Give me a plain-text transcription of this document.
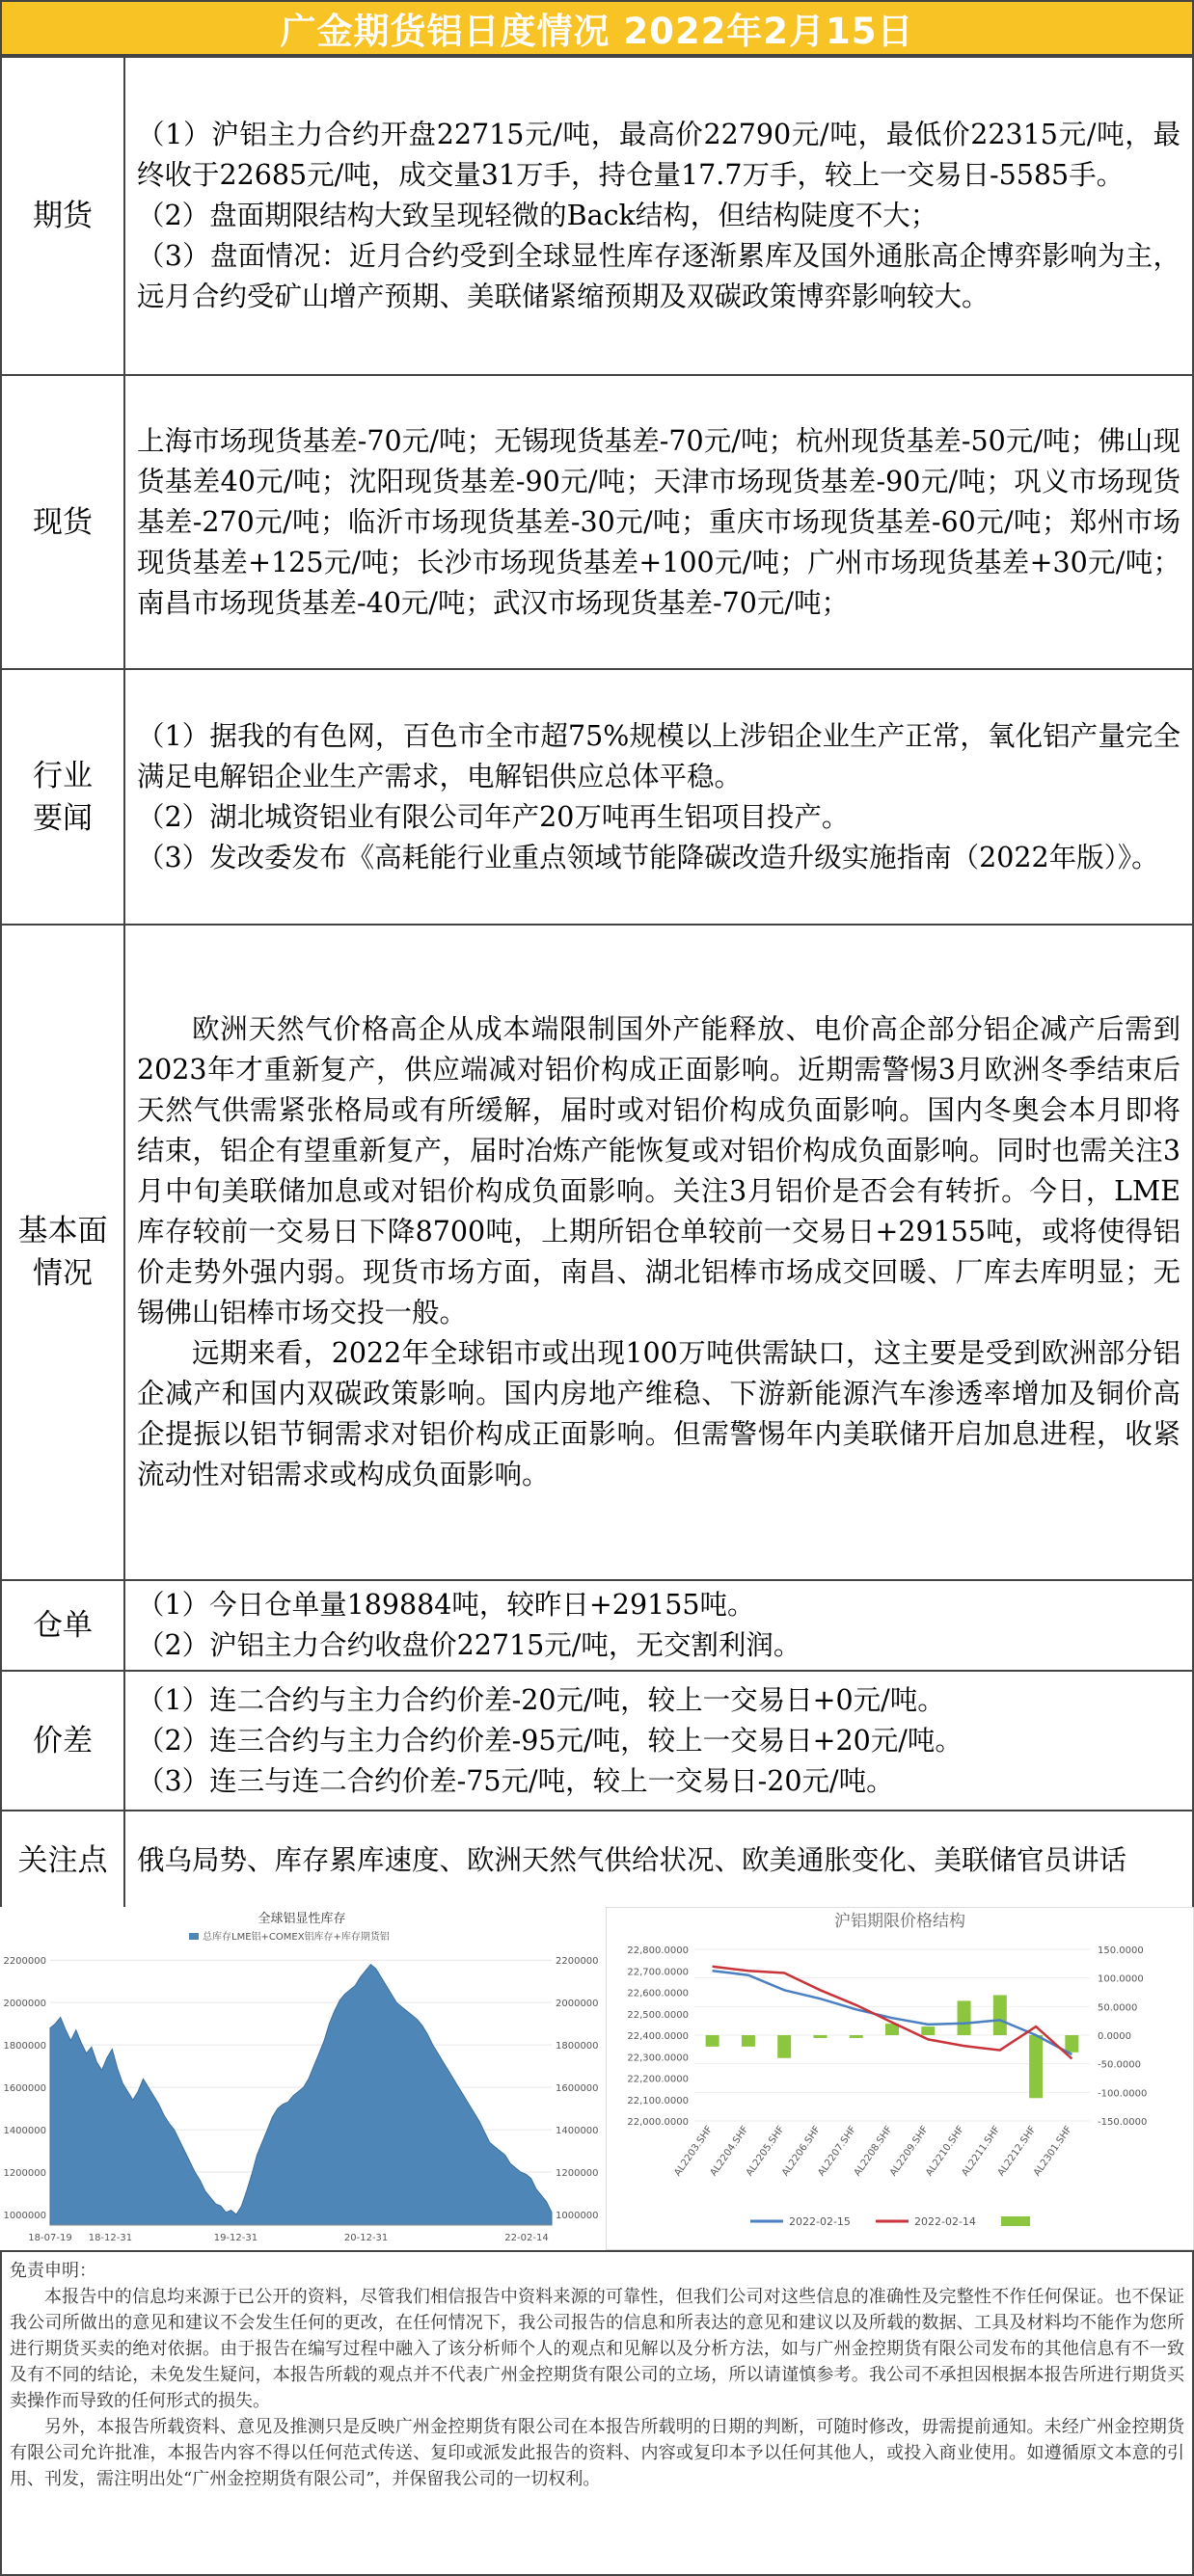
广金期货铝日度情况 2022年2月15日
期货	（1）沪铝主力合约开盘22715元/吨，最高价22790元/吨，最低价22315元/吨，最终收于22685元/吨，成交量31万手，持仓量17.7万手，较上一交易日-5585手。
（2）盘面期限结构大致呈现轻微的Back结构，但结构陡度不大；
（3）盘面情况：近月合约受到全球显性库存逐渐累库及国外通胀高企博弈影响为主，远月合约受矿山增产预期、美联储紧缩预期及双碳政策博弈影响较大。

现货	上海市场现货基差-70元/吨；无锡现货基差-70元/吨；杭州现货基差-50元/吨；佛山现货基差40元/吨；沈阳现货基差-90元/吨；天津市场现货基差-90元/吨；巩义市场现货基差-270元/吨；临沂市场现货基差-30元/吨；重庆市场现货基差-60元/吨；郑州市场现货基差+125元/吨；长沙市场现货基差+100元/吨；广州市场现货基差+30元/吨；南昌市场现货基差-40元/吨；武汉市场现货基差-70元/吨；

行业
要闻	（1）据我的有色网，百色市全市超75%规模以上涉铝企业生产正常，氧化铝产量完全满足电解铝企业生产需求，电解铝供应总体平稳。
（2）湖北城资铝业有限公司年产20万吨再生铝项目投产。
（3）发改委发布《高耗能行业重点领域节能降碳改造升级实施指南（2022年版）》。

基本面
情况	欧洲天然气价格高企从成本端限制国外产能释放、电价高企部分铝企减产后需到2023年才重新复产，供应端减对铝价构成正面影响。近期需警惕3月欧洲冬季结束后天然气供需紧张格局或有所缓解，届时或对铝价构成负面影响。国内冬奥会本月即将结束，铝企有望重新复产，届时冶炼产能恢复或对铝价构成负面影响。同时也需关注3月中旬美联储加息或对铝价构成负面影响。关注3月铝价是否会有转折。今日，LME库存较前一交易日下降8700吨，上期所铝仓单较前一交易日+29155吨，或将使得铝价走势外强内弱。现货市场方面，南昌、湖北铝棒市场成交回暖、厂库去库明显；无锡佛山铝棒市场交投一般。
远期来看，2022年全球铝市或出现100万吨供需缺口，这主要是受到欧洲部分铝企减产和国内双碳政策影响。国内房地产维稳、下游新能源汽车渗透率增加及铜价高企提振以铝节铜需求对铝价构成正面影响。但需警惕年内美联储开启加息进程，收紧流动性对铝需求或构成负面影响。

仓单	（1）今日仓单量189884吨，较昨日+29155吨。
（2）沪铝主力合约收盘价22715元/吨，无交割利润。

价差	（1）连二合约与主力合约价差-20元/吨，较上一交易日+0元/吨。
（2）连三合约与主力合约价差-95元/吨，较上一交易日+20元/吨。
（3）连三与连二合约价差-75元/吨，较上一交易日-20元/吨。

关注点	俄乌局势、库存累库速度、欧洲天然气供给状况、欧美通胀变化、美联储官员讲话
全球铝显性库存
总库存LME铝+COMEX铝库存+库存期货铝
2200000	2200000
2000000	2000000
1800000	1800000
1600000	1600000
1400000	1400000
1200000	1200000
1000000	1000000
18-07-19 18-12-31	19-12-31	20-12-31	22-02-14
沪铝期限价格结构
22,800.0000
22,700.0000
22,600.0000
22,500.0000
22,400.0000
22,300.0000
22,200.0000
22,100.0000
22,000.0000
150.0000
100.0000
50.0000
0.0000
-50.0000
-100.0000
-150.0000
AL2203.SHF
AL2204.SHF
AL2205.SHF
AL2206.SHF
AL2207.SHF
AL2208.SHF
AL2209.SHF
AL2210.SHF
AL2211.SHF
AL2212.SHF
AL2301.SHF
2022-02-15	2022-02-14
免责申明：
本报告中的信息均来源于已公开的资料，尽管我们相信报告中资料来源的可靠性，但我们公司对这些信息的准确性及完整性不作任何保证。也不保证我公司所做出的意见和建议不会发生任何的更改，在任何情况下，我公司报告的信息和所表达的意见和建议以及所载的数据、工具及材料均不能作为您所进行期货买卖的绝对依据。由于报告在编写过程中融入了该分析师个人的观点和见解以及分析方法，如与广州金控期货有限公司发布的其他信息有不一致及有不同的结论，未免发生疑问，本报告所载的观点并不代表广州金控期货有限公司的立场，所以请谨慎参考。我公司不承担因根据本报告所进行期货买卖操作而导致的任何形式的损失。
另外，本报告所载资料、意见及推测只是反映广州金控期货有限公司在本报告所载明的日期的判断，可随时修改，毋需提前通知。未经广州金控期货有限公司允许批准，本报告内容不得以任何范式传送、复印或派发此报告的资料、内容或复印本予以任何其他人，或投入商业使用。如遵循原文本意的引用、刊发，需注明出处“广州金控期货有限公司”，并保留我公司的一切权利。
